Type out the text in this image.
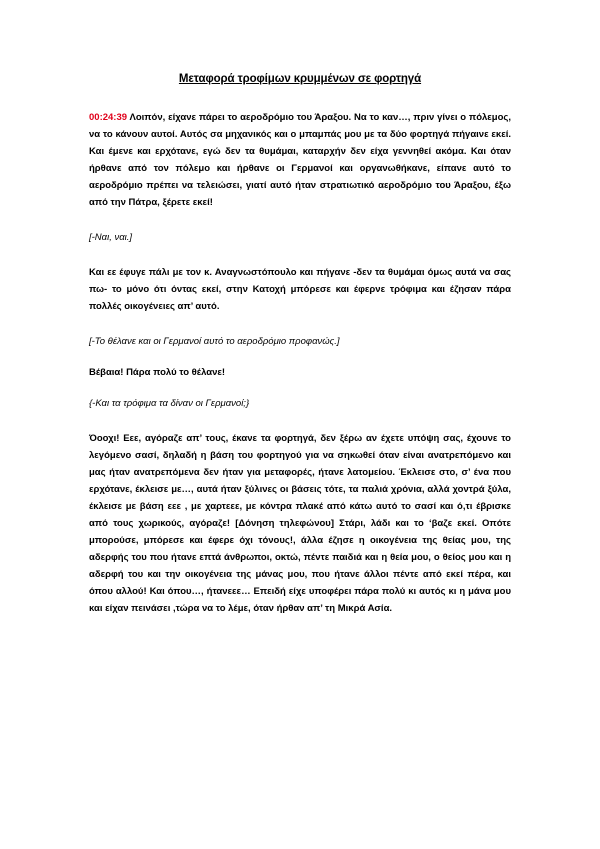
Μεταφορά τροφίμων κρυμμένων σε φορτηγά

00:24:39 Λοιπόν, είχανε πάρει το αεροδρόμιο του Άραξου. Να το καν…, πριν γίνει ο πόλεμος, να το κάνουν αυτοί. Αυτός σα μηχανικός και ο μπαμπάς μου με τα δύο φορτηγά πήγαινε εκεί. Και έμενε και ερχότανε, εγώ δεν τα θυμάμαι, καταρχήν δεν είχα γεννηθεί ακόμα. Και όταν ήρθανε από τον πόλεμο και ήρθανε οι Γερμανοί και οργανωθήκανε, είπανε αυτό το αεροδρόμιο πρέπει να τελειώσει, γιατί αυτό ήταν στρατιωτικό αεροδρόμιο του Άραξου, έξω από την Πάτρα, ξέρετε εκεί!

[-Ναι, ναι.]

Και εε έφυγε πάλι με τον κ. Αναγνωστόπουλο και πήγανε -δεν τα θυμάμαι όμως αυτά να σας πω- το μόνο ότι όντας εκεί, στην Κατοχή μπόρεσε και έφερνε τρόφιμα και έζησαν πάρα πολλές οικογένειες απ’ αυτό.

[-Το θέλανε και οι Γερμανοί αυτό το αεροδρόμιο προφανώς.]

Βέβαια! Πάρα πολύ το θέλανε!

{-Και τα τρόφιμα τα δίναν οι Γερμανοί;}

Όοοχι! Εεε, αγόραζε απ’ τους, έκανε τα φορτηγά, δεν ξέρω αν έχετε υπόψη σας, έχουνε το λεγόμενο σασί, δηλαδή η βάση του φορτηγού για να σηκωθεί όταν είναι ανατρεπόμενο και μας ήταν ανατρεπόμενα δεν ήταν για μεταφορές, ήτανε λατομείου. Έκλεισε στο, σ’ ένα που ερχότανε, έκλεισε με…, αυτά ήταν ξύλινες οι βάσεις τότε, τα παλιά χρόνια, αλλά χοντρά ξύλα, έκλεισε με βάση εεε , με χαρτεεε, με κόντρα πλακέ από κάτω αυτό το σασί και ό,τι έβρισκε από τους χωρικούς, αγόραζε! [Δόνηση τηλεφώνου] Στάρι, λάδι και το ‘βαζε εκεί. Οπότε μπορούσε, μπόρεσε και έφερε όχι τόνους!, άλλα έζησε η οικογένεια της θείας μου, της αδερφής του που ήτανε επτά άνθρωποι, οκτώ, πέντε παιδιά και η θεία μου, ο θείος μου και η αδερφή του και την οικογένεια της μάνας μου, που ήτανε άλλοι πέντε από εκεί πέρα, και όπου αλλού! Και όπου…, ήτανεεε… Επειδή είχε υποφέρει πάρα πολύ κι αυτός κι η μάνα μου και είχαν πεινάσει ,τώρα να το λέμε, όταν ήρθαν απ’ τη Μικρά Ασία.
